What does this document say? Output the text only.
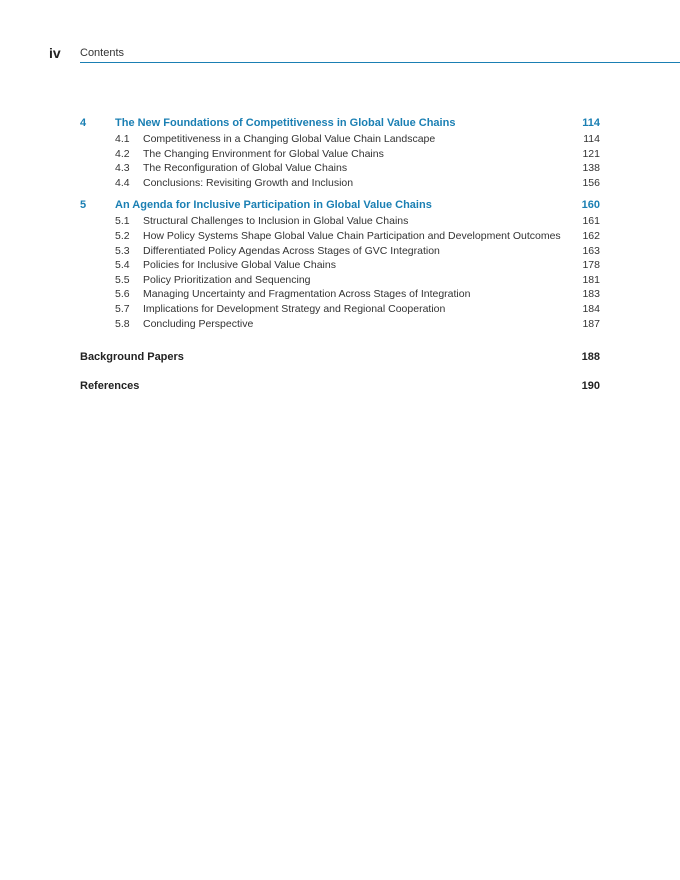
iv Contents
4	The New Foundations of Competitiveness in Global Value Chains	114
4.1 Competitiveness in a Changing Global Value Chain Landscape	114
4.2 The Changing Environment for Global Value Chains	121
4.3 The Reconfiguration of Global Value Chains	138
4.4 Conclusions: Revisiting Growth and Inclusion	156
5	An Agenda for Inclusive Participation in Global Value Chains	160
5.1 Structural Challenges to Inclusion in Global Value Chains	161
5.2 How Policy Systems Shape Global Value Chain Participation and Development Outcomes 162
5.3 Differentiated Policy Agendas Across Stages of GVC Integration	163
5.4 Policies for Inclusive Global Value Chains	178
5.5 Policy Prioritization and Sequencing	181
5.6 Managing Uncertainty and Fragmentation Across Stages of Integration	183
5.7 Implications for Development Strategy and Regional Cooperation	184
5.8 Concluding Perspective	187
Background Papers	188
References	190
